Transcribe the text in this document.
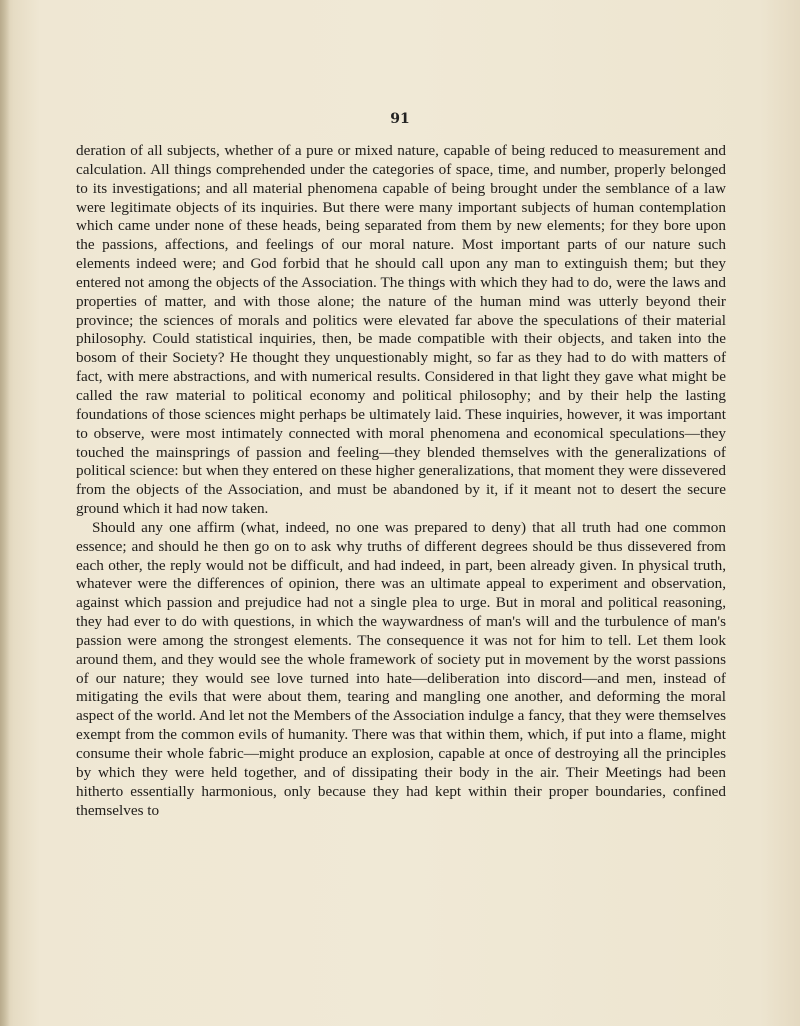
91

deration of all subjects, whether of a pure or mixed nature, capable of being reduced to measurement and calculation. All things comprehended under the categories of space, time, and number, properly belonged to its investigations; and all material phenomena capable of being brought under the semblance of a law were legitimate objects of its inquiries. But there were many important subjects of human contemplation which came under none of these heads, being separated from them by new elements; for they bore upon the passions, affections, and feelings of our moral nature. Most important parts of our nature such elements indeed were; and God forbid that he should call upon any man to extinguish them; but they entered not among the objects of the Association. The things with which they had to do, were the laws and properties of matter, and with those alone; the nature of the human mind was utterly beyond their province; the sciences of morals and politics were elevated far above the speculations of their material philosophy. Could statistical inquiries, then, be made compatible with their objects, and taken into the bosom of their Society? He thought they unquestionably might, so far as they had to do with matters of fact, with mere abstractions, and with numerical results. Considered in that light they gave what might be called the raw material to political economy and political philosophy; and by their help the lasting foundations of those sciences might perhaps be ultimately laid. These inquiries, however, it was important to observe, were most intimately connected with moral phenomena and economical speculations—they touched the mainsprings of passion and feeling—they blended themselves with the generalizations of political science: but when they entered on these higher generalizations, that moment they were dissevered from the objects of the Association, and must be abandoned by it, if it meant not to desert the secure ground which it had now taken.

Should any one affirm (what, indeed, no one was prepared to deny) that all truth had one common essence; and should he then go on to ask why truths of different degrees should be thus dissevered from each other, the reply would not be difficult, and had indeed, in part, been already given. In physical truth, whatever were the differences of opinion, there was an ultimate appeal to experiment and observation, against which passion and prejudice had not a single plea to urge. But in moral and political reasoning, they had ever to do with questions, in which the waywardness of man's will and the turbulence of man's passion were among the strongest elements. The consequence it was not for him to tell. Let them look around them, and they would see the whole framework of society put in movement by the worst passions of our nature; they would see love turned into hate—deliberation into discord—and men, instead of mitigating the evils that were about them, tearing and mangling one another, and deforming the moral aspect of the world. And let not the Members of the Association indulge a fancy, that they were themselves exempt from the common evils of humanity. There was that within them, which, if put into a flame, might consume their whole fabric—might produce an explosion, capable at once of destroying all the principles by which they were held together, and of dissipating their body in the air. Their Meetings had been hitherto essentially harmonious, only because they had kept within their proper boundaries, confined themselves to
